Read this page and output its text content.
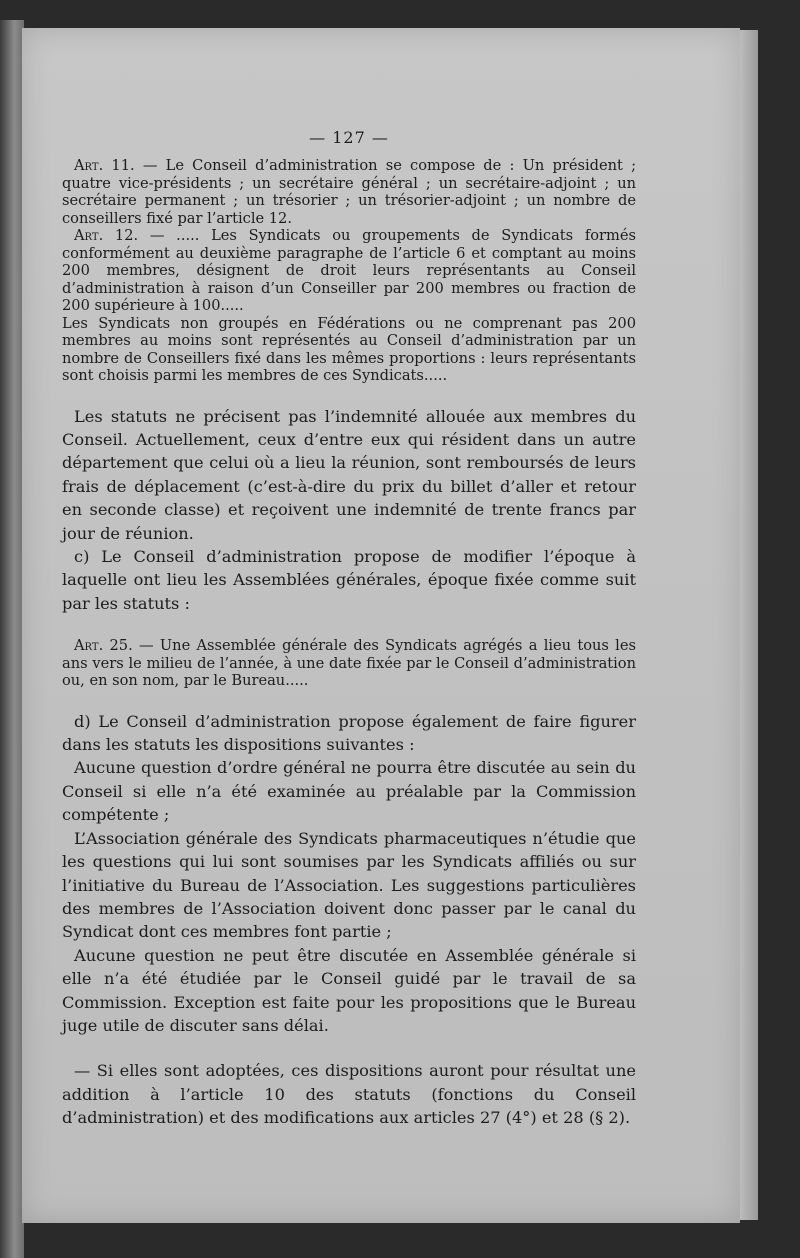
— 127 —

Art. 11. — Le Conseil d’administration se compose de : Un président ; quatre vice-présidents ; un secrétaire général ; un secrétaire-adjoint ; un secrétaire permanent ; un trésorier ; un trésorier-adjoint ; un nombre de conseillers fixé par l’article 12.

Art. 12. — ..... Les Syndicats ou groupements de Syndicats formés conformément au deuxième paragraphe de l’article 6 et comptant au moins 200 membres, désignent de droit leurs représentants au Conseil d’administration à raison d’un Conseiller par 200 membres ou fraction de 200 supérieure à 100.....

Les Syndicats non groupés en Fédérations ou ne comprenant pas 200 membres au moins sont représentés au Conseil d’administration par un nombre de Conseillers fixé dans les mêmes proportions : leurs représentants sont choisis parmi les membres de ces Syndicats.....

Les statuts ne précisent pas l’indemnité allouée aux membres du Conseil. Actuellement, ceux d’entre eux qui résident dans un autre département que celui où a lieu la réunion, sont remboursés de leurs frais de déplacement (c’est-à-dire du prix du billet d’aller et retour en seconde classe) et reçoivent une indemnité de trente francs par jour de réunion.

c) Le Conseil d’administration propose de modifier l’époque à laquelle ont lieu les Assemblées générales, époque fixée comme suit par les statuts :

Art. 25. — Une Assemblée générale des Syndicats agrégés a lieu tous les ans vers le milieu de l’année, à une date fixée par le Conseil d’administration ou, en son nom, par le Bureau.....

d) Le Conseil d’administration propose également de faire figurer dans les statuts les dispositions suivantes :

Aucune question d’ordre général ne pourra être discutée au sein du Conseil si elle n’a été examinée au préalable par la Commission compétente ;

L’Association générale des Syndicats pharmaceutiques n’étudie que les questions qui lui sont soumises par les Syndicats affiliés ou sur l’initiative du Bureau de l’Association. Les suggestions particulières des membres de l’Association doivent donc passer par le canal du Syndicat dont ces membres font partie ;

Aucune question ne peut être discutée en Assemblée générale si elle n’a été étudiée par le Conseil guidé par le travail de sa Commission. Exception est faite pour les propositions que le Bureau juge utile de discuter sans délai.

— Si elles sont adoptées, ces dispositions auront pour résultat une addition à l’article 10 des statuts (fonctions du Conseil d’administration) et des modifications aux articles 27 (4°) et 28 (§ 2).
